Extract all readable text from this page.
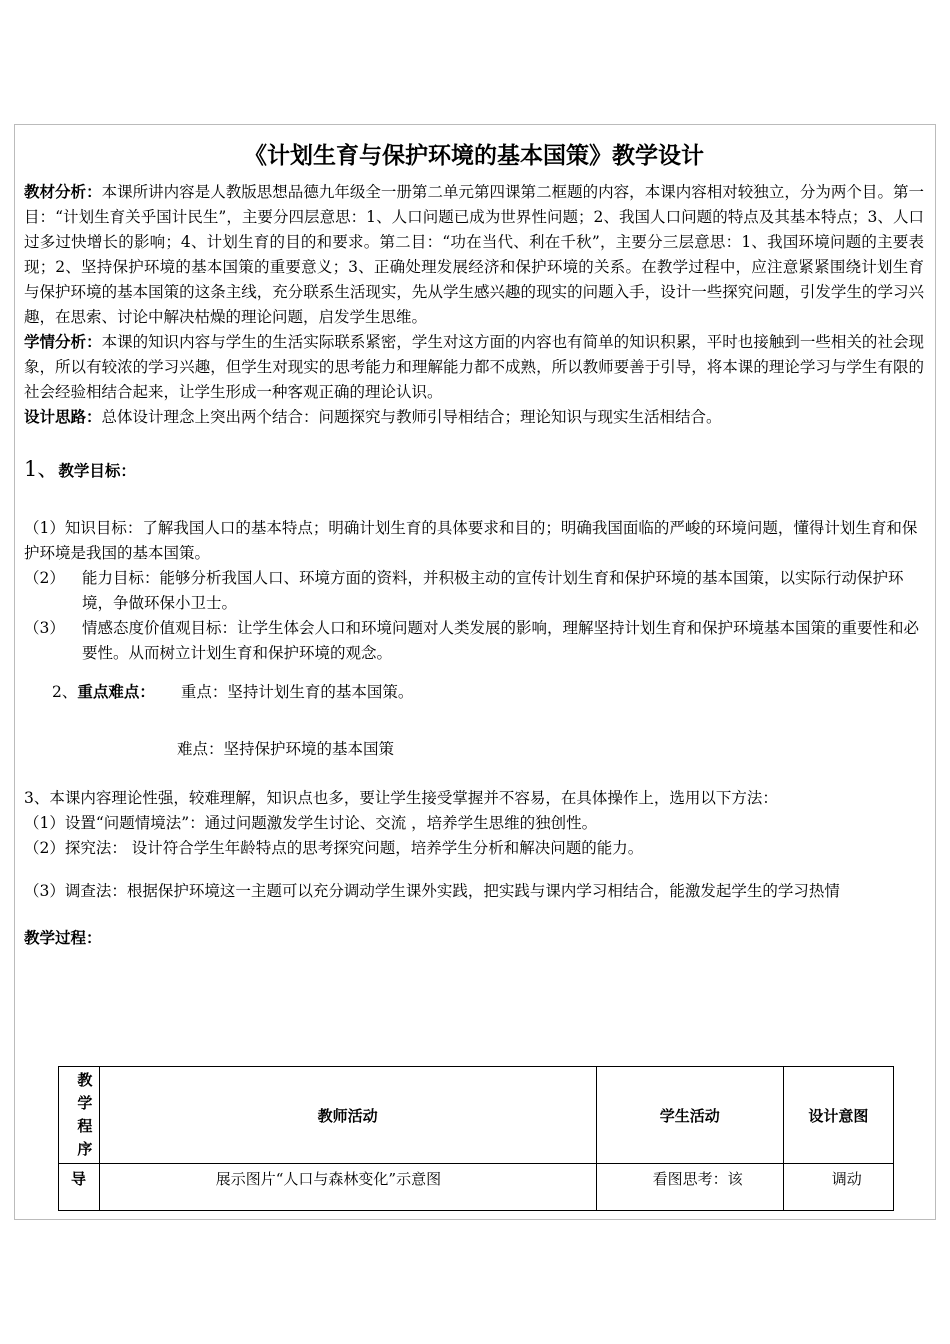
《计划生育与保护环境的基本国策》教学设计

教材分析：本课所讲内容是人教版思想品德九年级全一册第二单元第四课第二框题的内容，本课内容相对较独立，分为两个目。第一目：“计划生育关乎国计民生”，主要分四层意思：1、人口问题已成为世界性问题；2、我国人口问题的特点及其基本特点；3、人口过多过快增长的影响；4、计划生育的目的和要求。第二目：“功在当代、利在千秋”，主要分三层意思：1、我国环境问题的主要表现；2、坚持保护环境的基本国策的重要意义；3、正确处理发展经济和保护环境的关系。在教学过程中，应注意紧紧围绕计划生育与保护环境的基本国策的这条主线，充分联系生活现实，先从学生感兴趣的现实的问题入手，设计一些探究问题，引发学生的学习兴趣，在思索、讨论中解决枯燥的理论问题，启发学生思维。

学情分析：本课的知识内容与学生的生活实际联系紧密，学生对这方面的内容也有简单的知识积累，平时也接触到一些相关的社会现象，所以有较浓的学习兴趣，但学生对现实的思考能力和理解能力都不成熟，所以教师要善于引导，将本课的理论学习与学生有限的社会经验相结合起来，让学生形成一种客观正确的理论认识。

设计思路：总体设计理念上突出两个结合：问题探究与教师引导相结合；理论知识与现实生活相结合。

1、教学目标：
（1） 知识目标：了解我国人口的基本特点；明确计划生育的具体要求和目的；明确我国面临的严峻的环境问题，懂得计划生育和保护环境是我国的基本国策。
（2）	能力目标：能够分析我国人口、环境方面的资料，并积极主动的宣传计划生育和保护环境的基本国策，以实际行动保护环境，争做环保小卫士。
（3）	情感态度价值观目标：让学生体会人口和环境问题对人类发展的影响，理解坚持计划生育和保护环境基本国策的重要性和必要性。从而树立计划生育和保护环境的观念。
2、重点难点： 重点：坚持计划生育的基本国策。
难点：坚持保护环境的基本国策

3、本课内容理论性强，较难理解，知识点也多，要让学生接受掌握并不容易，在具体操作上，选用以下方法：

（1）设置“问题情境法”：通过问题激发学生讨论、交流 ，培养学生思维的独创性。

（2）探究法： 设计符合学生年龄特点的思考探究问题，培养学生分析和解决问题的能力。

（3）调查法：根据保护环境这一主题可以充分调动学生课外实践，把实践与课内学习相结合，能激发起学生的学习热情

教学过程：
教
学
程
序	教师活动	学生活动	设计意图
导	展示图片“人口与森林变化”示意图	看图思考：该	调动
